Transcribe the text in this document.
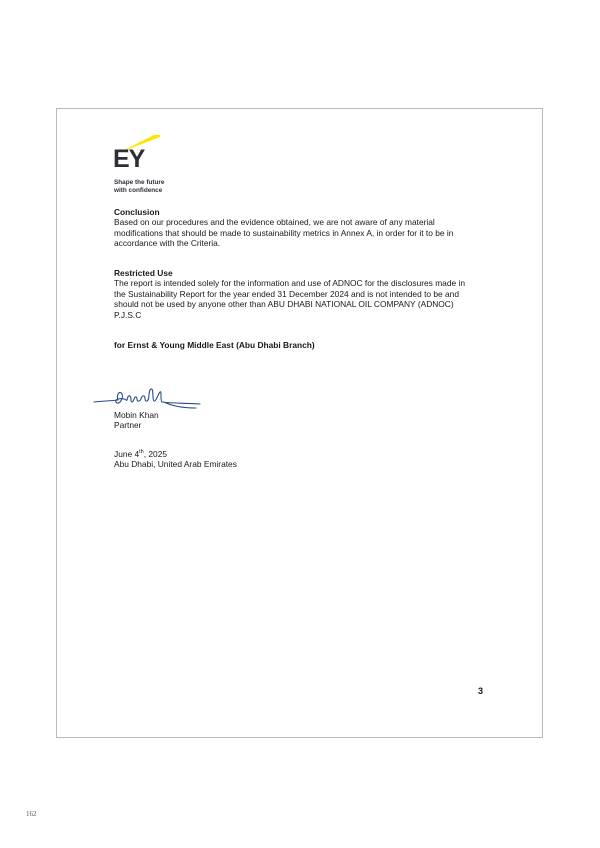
EY
Shape the future
with confidence
Conclusion
Based on our procedures and the evidence obtained, we are not aware of any material
modifications that should be made to sustainability metrics in Annex A, in order for it to be in
accordance with the Criteria.
Restricted Use
The report is intended solely for the information and use of ADNOC for the disclosures made in
the Sustainability Report for the year ended 31 December 2024 and is not intended to be and
should not be used by anyone other than ABU DHABI NATIONAL OIL COMPANY (ADNOC)
P.J.S.C
for Ernst & Young Middle East (Abu Dhabi Branch)
Mobin Khan
Partner
June 4th, 2025
Abu Dhabi, United Arab Emirates
3
162
